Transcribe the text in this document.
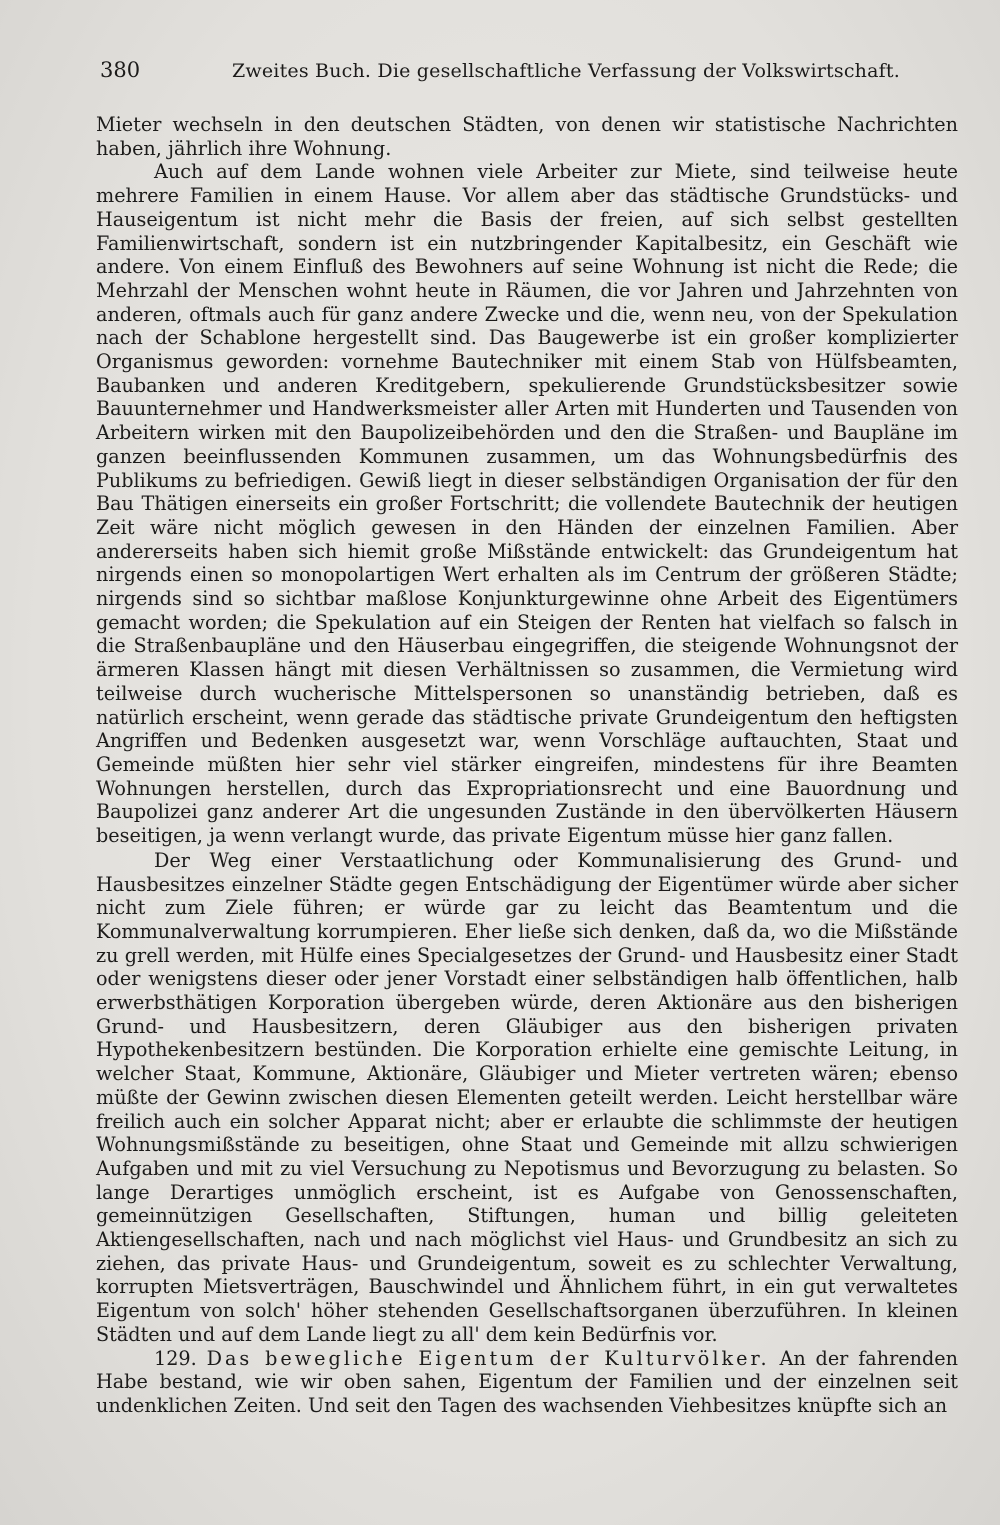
380	Zweites Buch. Die gesellschaftliche Verfassung der Volkswirtschaft.

Mieter wechseln in den deutschen Städten, von denen wir statistische Nachrichten haben, jährlich ihre Wohnung.

Auch auf dem Lande wohnen viele Arbeiter zur Miete, sind teilweise heute mehrere Familien in einem Hause. Vor allem aber das städtische Grundstücks- und Hauseigentum ist nicht mehr die Basis der freien, auf sich selbst gestellten Familienwirtschaft, sondern ist ein nutzbringender Kapitalbesitz, ein Geschäft wie andere. Von einem Einfluß des Bewohners auf seine Wohnung ist nicht die Rede; die Mehrzahl der Menschen wohnt heute in Räumen, die vor Jahren und Jahrzehnten von anderen, oftmals auch für ganz andere Zwecke und die, wenn neu, von der Spekulation nach der Schablone hergestellt sind. Das Baugewerbe ist ein großer komplizierter Organismus geworden: vornehme Bautechniker mit einem Stab von Hülfsbeamten, Baubanken und anderen Kreditgebern, spekulierende Grundstücksbesitzer sowie Bauunternehmer und Handwerksmeister aller Arten mit Hunderten und Tausenden von Arbeitern wirken mit den Baupolizeibehörden und den die Straßen- und Baupläne im ganzen beeinflussenden Kommunen zusammen, um das Wohnungsbedürfnis des Publikums zu befriedigen. Gewiß liegt in dieser selbständigen Organisation der für den Bau Thätigen einerseits ein großer Fortschritt; die vollendete Bautechnik der heutigen Zeit wäre nicht möglich gewesen in den Händen der einzelnen Familien. Aber andererseits haben sich hiemit große Mißstände entwickelt: das Grundeigentum hat nirgends einen so monopolartigen Wert erhalten als im Centrum der größeren Städte; nirgends sind so sichtbar maßlose Konjunkturgewinne ohne Arbeit des Eigentümers gemacht worden; die Spekulation auf ein Steigen der Renten hat vielfach so falsch in die Straßenbaupläne und den Häuserbau eingegriffen, die steigende Wohnungsnot der ärmeren Klassen hängt mit diesen Verhältnissen so zusammen, die Vermietung wird teilweise durch wucherische Mittelspersonen so unanständig betrieben, daß es natürlich erscheint, wenn gerade das städtische private Grundeigentum den heftigsten Angriffen und Bedenken ausgesetzt war, wenn Vorschläge auftauchten, Staat und Gemeinde müßten hier sehr viel stärker eingreifen, mindestens für ihre Beamten Wohnungen herstellen, durch das Expropriationsrecht und eine Bauordnung und Baupolizei ganz anderer Art die ungesunden Zustände in den übervölkerten Häusern beseitigen, ja wenn verlangt wurde, das private Eigentum müsse hier ganz fallen.

Der Weg einer Verstaatlichung oder Kommunalisierung des Grund- und Hausbesitzes einzelner Städte gegen Entschädigung der Eigentümer würde aber sicher nicht zum Ziele führen; er würde gar zu leicht das Beamtentum und die Kommunalverwaltung korrumpieren. Eher ließe sich denken, daß da, wo die Mißstände zu grell werden, mit Hülfe eines Specialgesetzes der Grund- und Hausbesitz einer Stadt oder wenigstens dieser oder jener Vorstadt einer selbständigen halb öffentlichen, halb erwerbsthätigen Korporation übergeben würde, deren Aktionäre aus den bisherigen Grund- und Hausbesitzern, deren Gläubiger aus den bisherigen privaten Hypothekenbesitzern bestünden. Die Korporation erhielte eine gemischte Leitung, in welcher Staat, Kommune, Aktionäre, Gläubiger und Mieter vertreten wären; ebenso müßte der Gewinn zwischen diesen Elementen geteilt werden. Leicht herstellbar wäre freilich auch ein solcher Apparat nicht; aber er erlaubte die schlimmste der heutigen Wohnungsmißstände zu beseitigen, ohne Staat und Gemeinde mit allzu schwierigen Aufgaben und mit zu viel Versuchung zu Nepotismus und Bevorzugung zu belasten. So lange Derartiges unmöglich erscheint, ist es Aufgabe von Genossenschaften, gemeinnützigen Gesellschaften, Stiftungen, human und billig geleiteten Aktiengesellschaften, nach und nach möglichst viel Haus- und Grundbesitz an sich zu ziehen, das private Haus- und Grundeigentum, soweit es zu schlechter Verwaltung, korrupten Mietsverträgen, Bauschwindel und Ähnlichem führt, in ein gut verwaltetes Eigentum von solch' höher stehenden Gesellschaftsorganen überzuführen. In kleinen Städten und auf dem Lande liegt zu all' dem kein Bedürfnis vor.

129. Das bewegliche Eigentum der Kulturvölker. An der fahrenden Habe bestand, wie wir oben sahen, Eigentum der Familien und der einzelnen seit undenklichen Zeiten. Und seit den Tagen des wachsenden Viehbesitzes knüpfte sich an
